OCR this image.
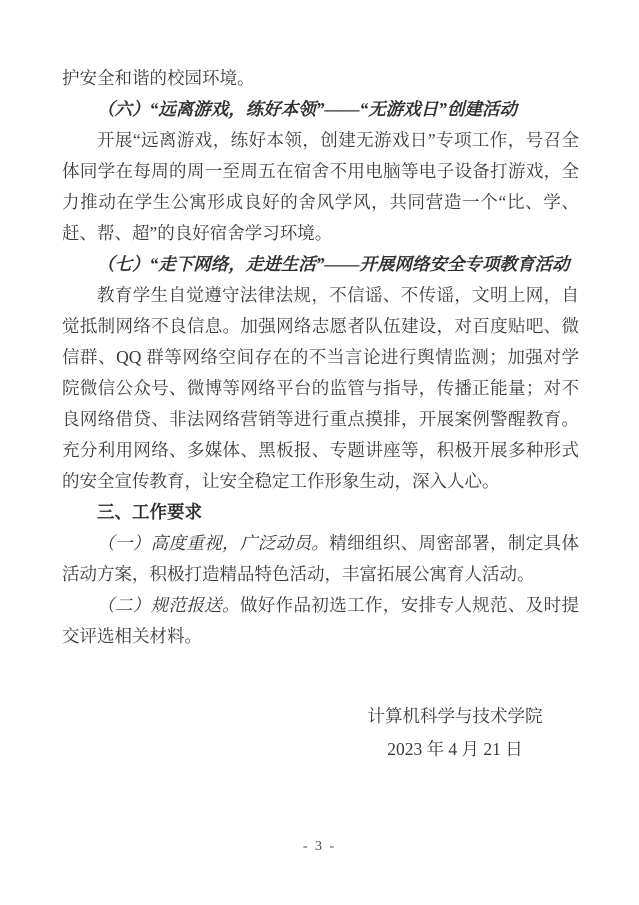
护安全和谐的校园环境。

（六）“远离游戏，练好本领”——“无游戏日”创建活动

开展“远离游戏，练好本领，创建无游戏日”专项工作，号召全体同学在每周的周一至周五在宿舍不用电脑等电子设备打游戏，全力推动在学生公寓形成良好的舍风学风，共同营造一个“比、学、赶、帮、超”的良好宿舍学习环境。

（七）“走下网络，走进生活”——开展网络安全专项教育活动

教育学生自觉遵守法律法规，不信谣、不传谣，文明上网，自觉抵制网络不良信息。加强网络志愿者队伍建设，对百度贴吧、微信群、QQ 群等网络空间存在的不当言论进行舆情监测；加强对学院微信公众号、微博等网络平台的监管与指导，传播正能量；对不良网络借贷、非法网络营销等进行重点摸排，开展案例警醒教育。充分利用网络、多媒体、黑板报、专题讲座等，积极开展多种形式的安全宣传教育，让安全稳定工作形象生动，深入人心。

三、工作要求

（一）高度重视，广泛动员。精细组织、周密部署，制定具体活动方案，积极打造精品特色活动，丰富拓展公寓育人活动。

（二）规范报送。做好作品初选工作，安排专人规范、及时提交评选相关材料。

计算机科学与技术学院

2023 年 4 月 21 日

- 3 -
